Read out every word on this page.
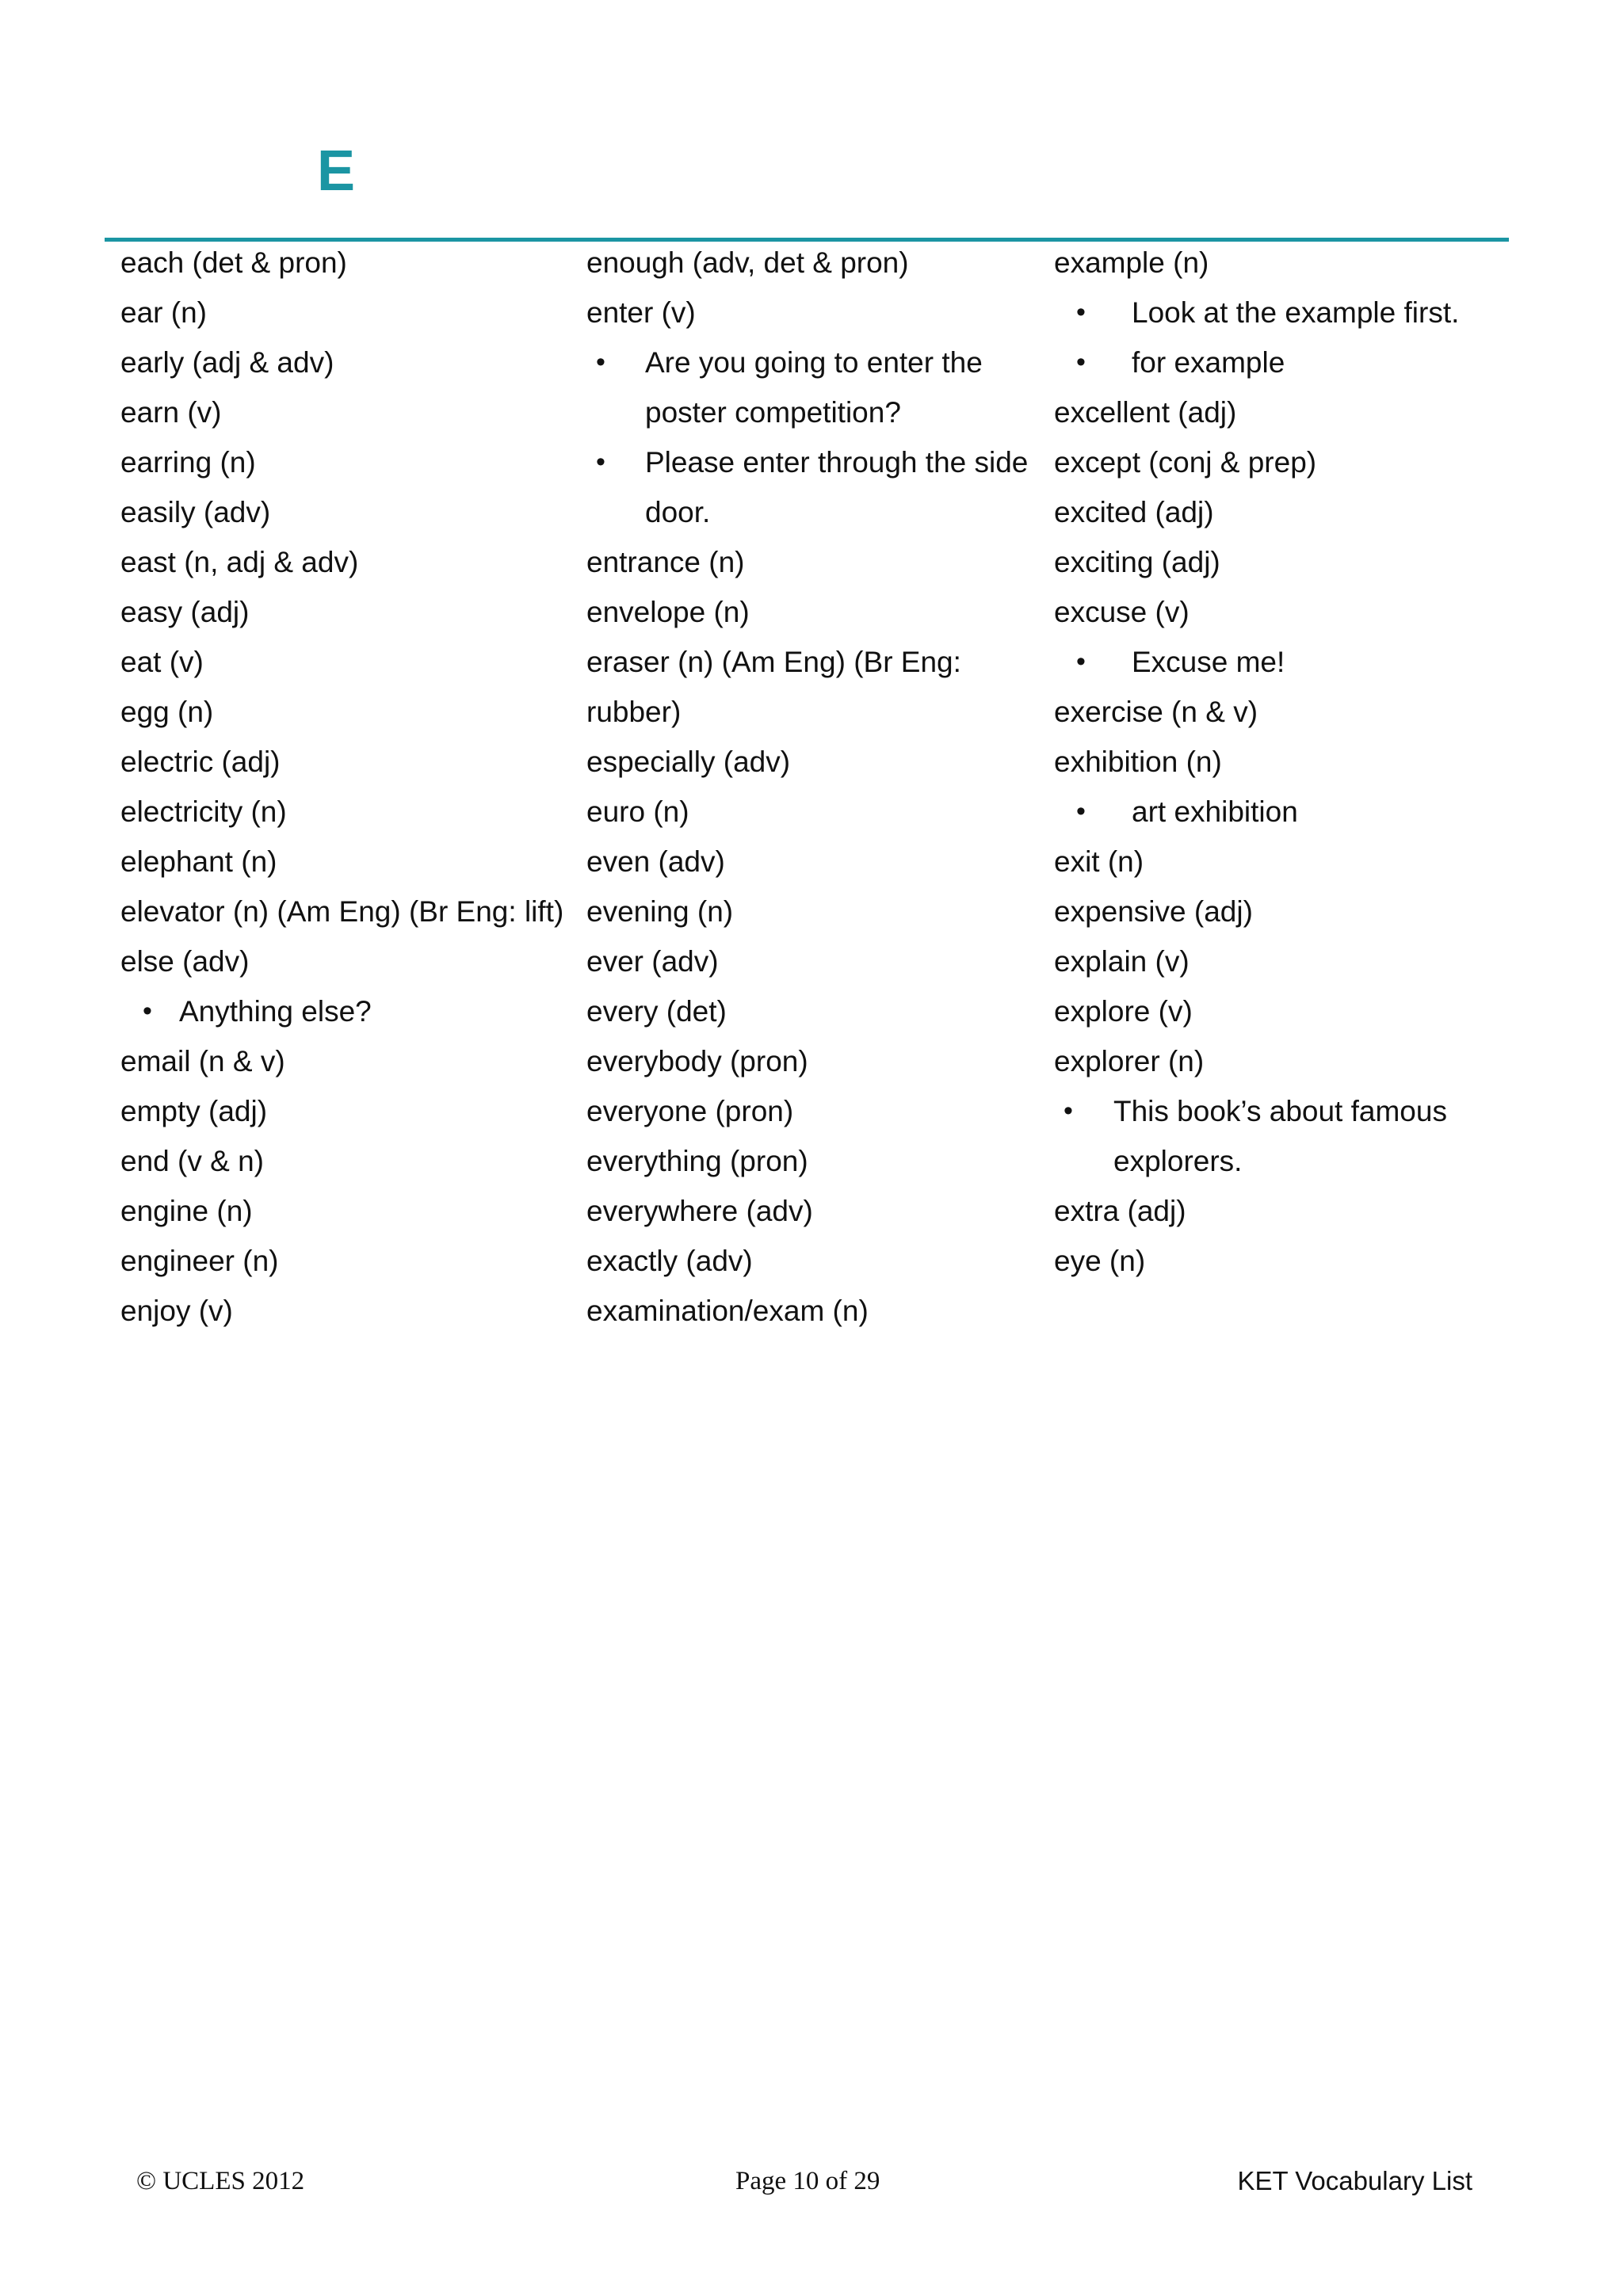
E
each (det & pron)
ear (n)
early (adj & adv)
earn (v)
earring (n)
easily (adv)
east (n, adj & adv)
easy (adj)
eat (v)
egg (n)
electric (adj)
electricity (n)
elephant (n)
elevator (n) (Am Eng) (Br Eng: lift)
else (adv)
• Anything else?
email (n & v)
empty (adj)
end (v & n)
engine (n)
engineer (n)
enjoy (v)
enough (adv, det & pron)
enter (v)
• Are you going to enter the
poster competition?
• Please enter through the side
door.
entrance (n)
envelope (n)
eraser (n) (Am Eng) (Br Eng:
rubber)
especially (adv)
euro (n)
even (adv)
evening (n)
ever (adv)
every (det)
everybody (pron)
everyone (pron)
everything (pron)
everywhere (adv)
exactly (adv)
examination/exam (n)
example (n)
• Look at the example first.
• for example
excellent (adj)
except (conj & prep)
excited (adj)
exciting (adj)
excuse (v)
• Excuse me!
exercise (n & v)
exhibition (n)
• art exhibition
exit (n)
expensive (adj)
explain (v)
explore (v)
explorer (n)
• This book’s about famous
explorers.
extra (adj)
eye (n)
© UCLES 2012	Page 10 of 29	KET Vocabulary List
